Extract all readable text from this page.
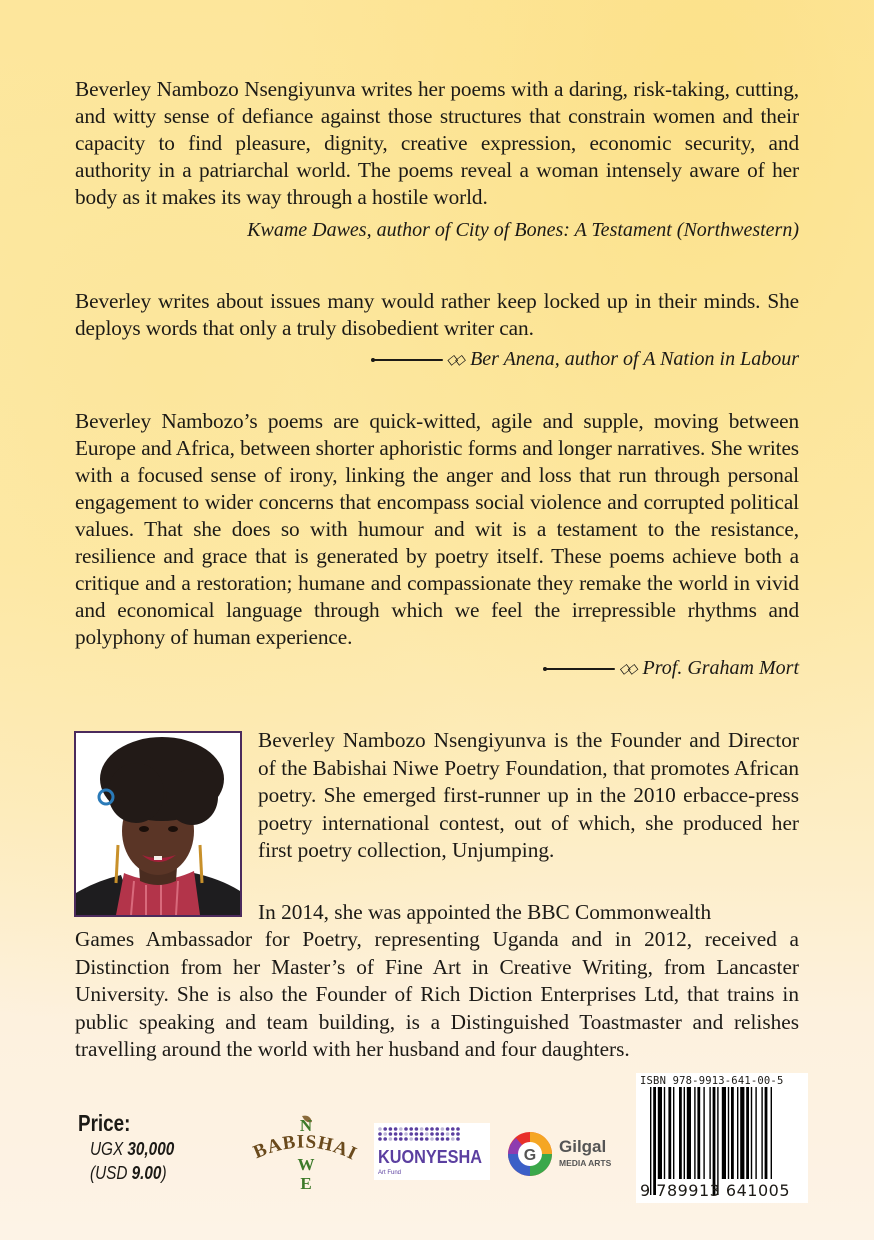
Beverley Nambozo Nsengiyunva writes her poems with a daring, risk-taking, cutting, and witty sense of defiance against those structures that constrain women and their capacity to find pleasure, dignity, creative expression, economic security, and authority in a patriarchal world. The poems reveal a woman intensely aware of her body as it makes its way through a hostile world.
Kwame Dawes, author of City of Bones: A Testament (Northwestern)
Beverley writes about issues many would rather keep locked up in their minds. She deploys words that only a truly disobedient writer can.
◇◇ Ber Anena, author of A Nation in Labour
Beverley Nambozo’s poems are quick-witted, agile and supple, moving between Europe and Africa, between shorter aphoristic forms and longer narratives. She writes with a focused sense of irony, linking the anger and loss that run through personal engagement to wider concerns that encompass social violence and corrupted political values. That she does so with humour and wit is a testament to the resistance, resilience and grace that is generated by poetry itself. These poems achieve both a critique and a restoration; humane and compassionate they remake the world in vivid and economical language through which we feel the irrepressible rhythms and polyphony of human experience.
◇◇ Prof. Graham Mort
Beverley Nambozo Nsengiyunva is the Founder and Director of the Babishai Niwe Poetry Foundation, that promotes African poetry. She emerged first-runner up in the 2010 erbacce-press poetry international contest, out of which, she produced her first poetry collection, Unjumping.
In 2014, she was appointed the BBC Commonwealth
Games Ambassador for Poetry, representing Uganda and in 2012, received a Distinction from her Master’s of Fine Art in Creative Writing, from Lancaster University. She is also the Founder of Rich Diction Enterprises Ltd, that trains in public speaking and team building, is a Distinguished Toastmaster and relishes travelling around the world with her husband and four daughters.
Price:
UGX 30,000
(USD 9.00)
N
BABISHAI
W
E
KUONYESHA
Art Fund
G Gilgal
MEDIA ARTS
ISBN 978-9913-641-00-5
9 789913 641005
